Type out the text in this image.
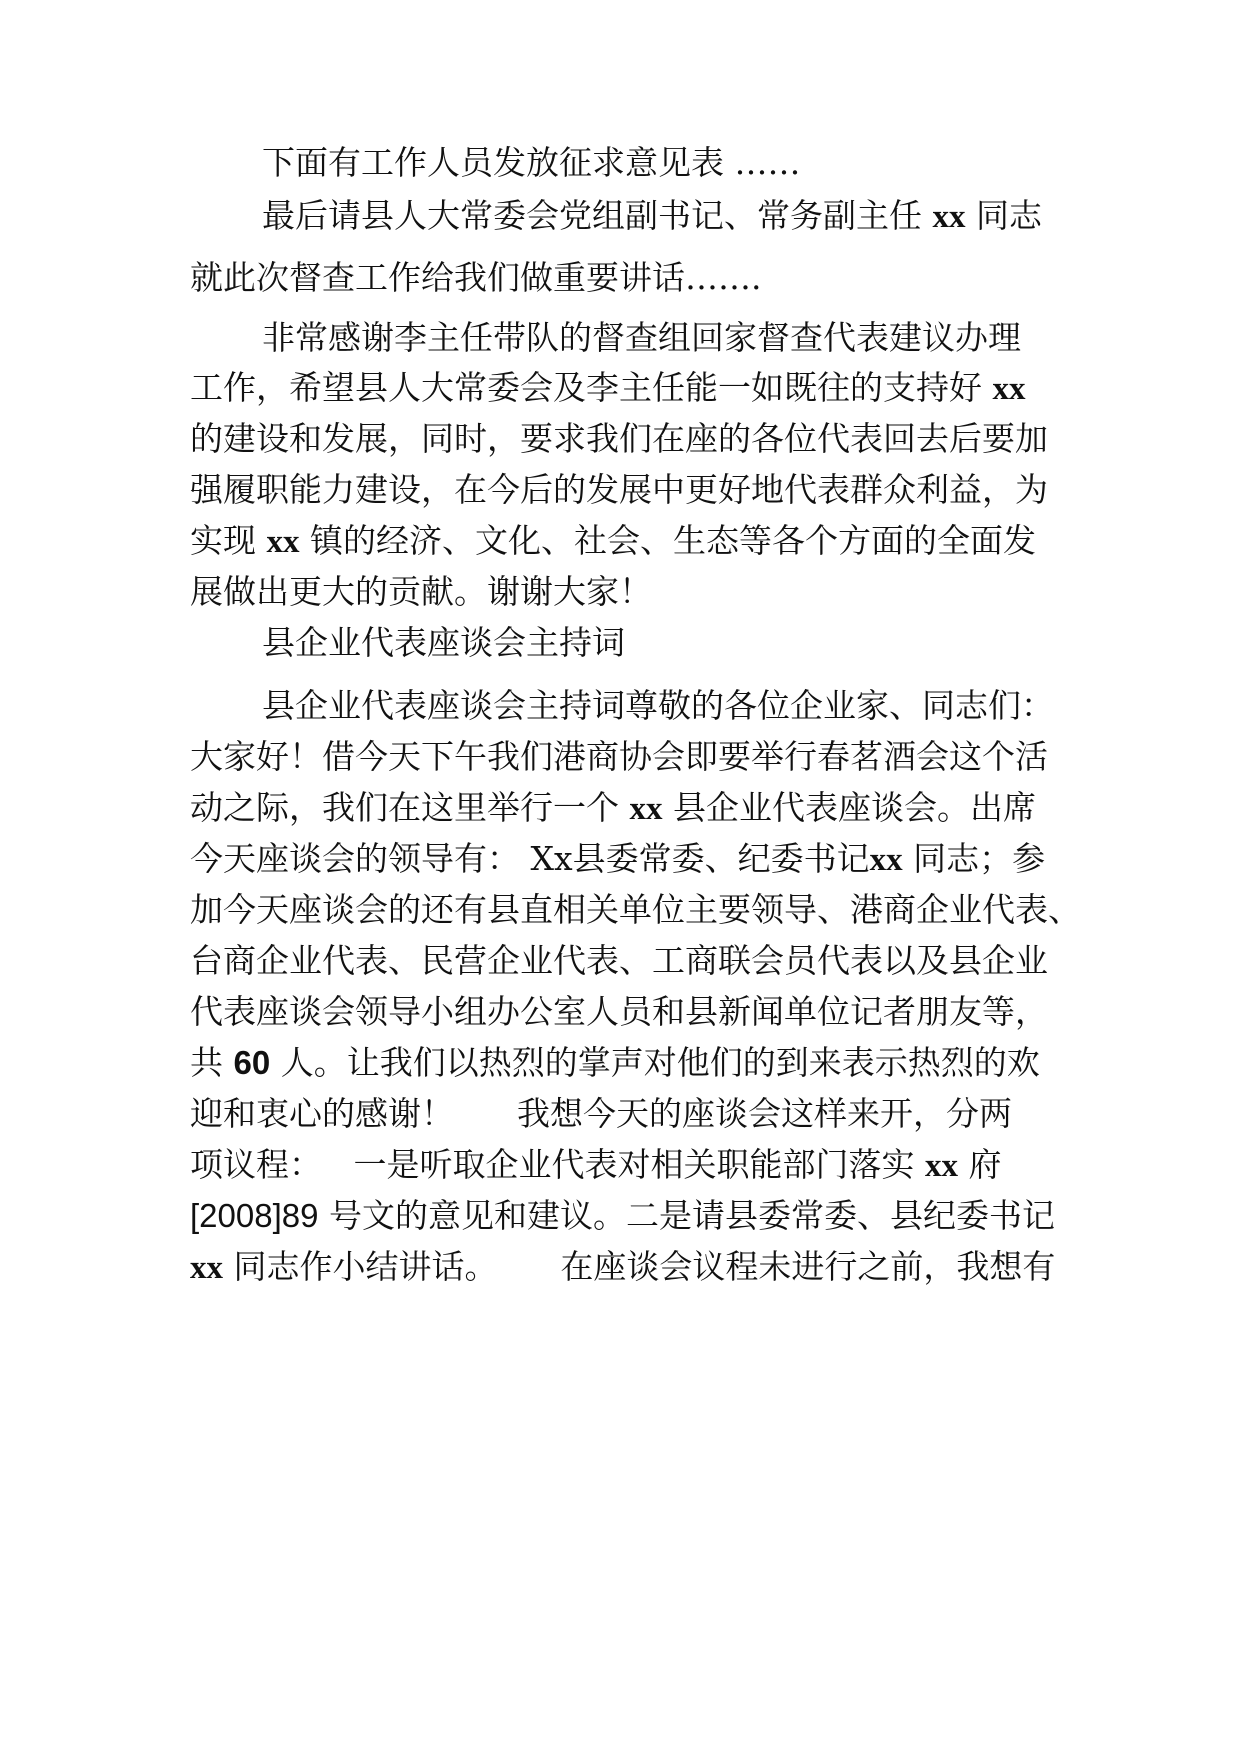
下面有工作人员发放征求意见表 ……
最后请县人大常委会党组副书记、常务副主任 xx 同志
就此次督查工作给我们做重要讲话…….
非常感谢李主任带队的督查组回家督查代表建议办理
工作，希望县人大常委会及李主任能一如既往的支持好 xx
的建设和发展，同时，要求我们在座的各位代表回去后要加
强履职能力建设，在今后的发展中更好地代表群众利益，为
实现 xx 镇的经济、文化、社会、生态等各个方面的全面发
展做出更大的贡献。谢谢大家！
县企业代表座谈会主持词
县企业代表座谈会主持词尊敬的各位企业家、同志们：
大家好！借今天下午我们港商协会即要举行春茗酒会这个活
动之际，我们在这里举行一个 xx 县企业代表座谈会。出席
今天座谈会的领导有： Xx县委常委、纪委书记xx 同志；参
加今天座谈会的还有县直相关单位主要领导、港商企业代表、
台商企业代表、民营企业代表、工商联会员代表以及县企业
代表座谈会领导小组办公室人员和县新闻单位记者朋友等，
共 60 人。让我们以热烈的掌声对他们的到来表示热烈的欢
迎和衷心的感谢！      我想今天的座谈会这样来开，分两
项议程：   一是听取企业代表对相关职能部门落实 xx 府
[2008]89 号文的意见和建议。二是请县委常委、县纪委书记
xx 同志作小结讲话。      在座谈会议程未进行之前，我想有
